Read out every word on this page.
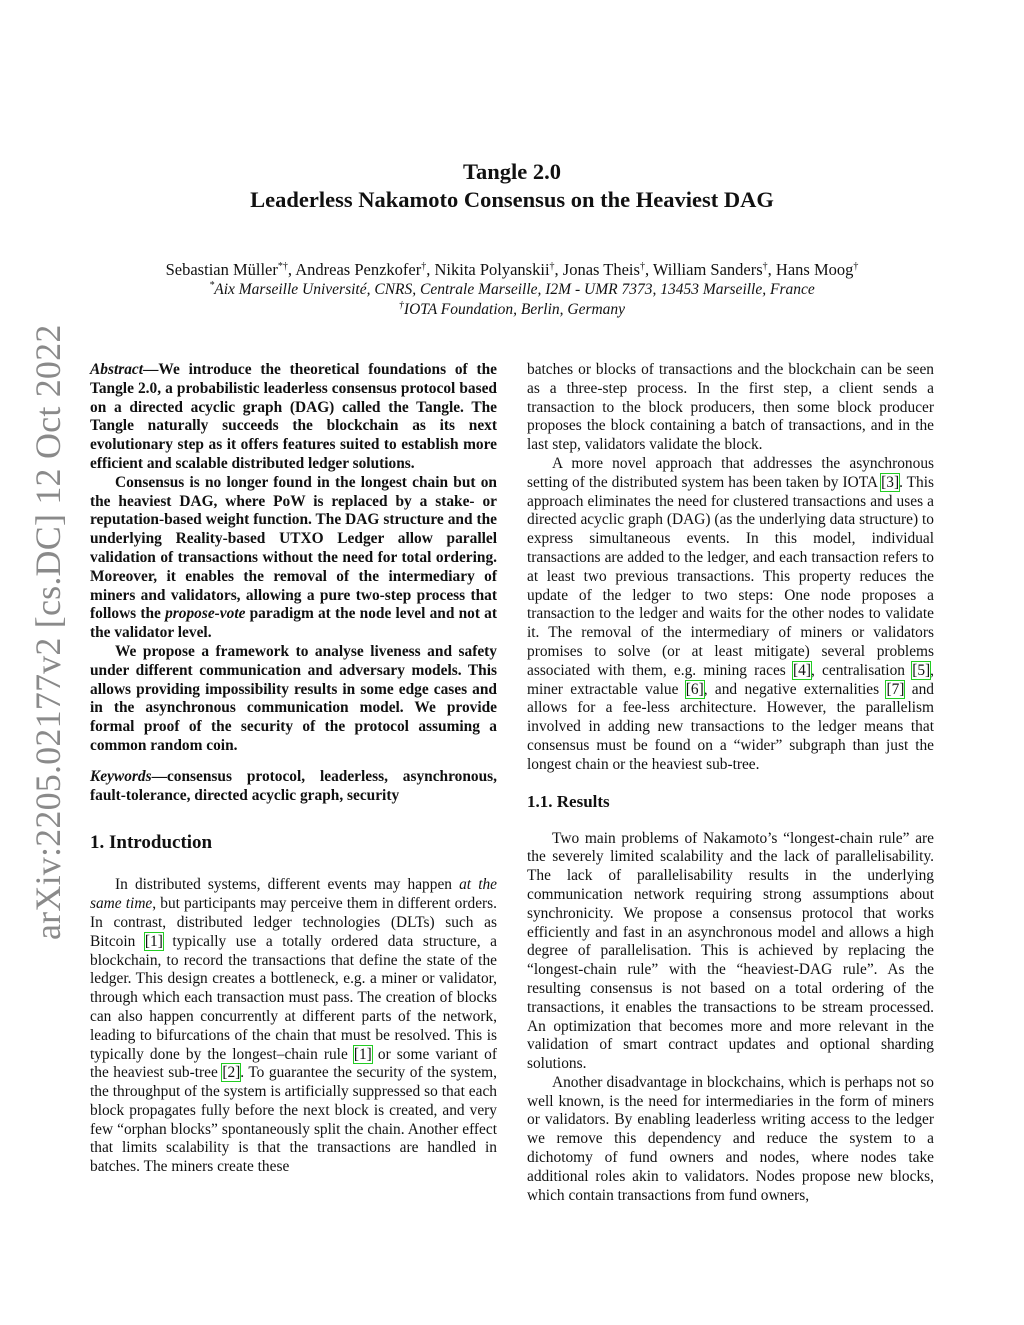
arXiv:2205.02177v2 [cs.DC] 12 Oct 2022
Tangle 2.0
Leaderless Nakamoto Consensus on the Heaviest DAG
Sebastian Müller*†, Andreas Penzkofer†, Nikita Polyanskii†, Jonas Theis†, William Sanders†, Hans Moog†
*Aix Marseille Université, CNRS, Centrale Marseille, I2M - UMR 7373, 13453 Marseille, France
†IOTA Foundation, Berlin, Germany

Abstract—We introduce the theoretical foundations of the Tangle 2.0, a probabilistic leaderless consensus protocol based on a directed acyclic graph (DAG) called the Tangle. The Tangle naturally succeeds the blockchain as its next evolutionary step as it offers features suited to establish more efficient and scalable distributed ledger solutions.

Consensus is no longer found in the longest chain but on the heaviest DAG, where PoW is replaced by a stake- or reputation-based weight function. The DAG structure and the underlying Reality-based UTXO Ledger allow parallel validation of transactions without the need for total ordering. Moreover, it enables the removal of the intermediary of miners and validators, allowing a pure two-step process that follows the propose-vote paradigm at the node level and not at the validator level.

We propose a framework to analyse liveness and safety under different communication and adversary models. This allows providing impossibility results in some edge cases and in the asynchronous communication model. We provide formal proof of the security of the protocol assuming a common random coin.

Keywords—consensus protocol, leaderless, asynchronous, fault-tolerance, directed acyclic graph, security

1. Introduction

In distributed systems, different events may happen at the same time, but participants may perceive them in different orders. In contrast, distributed ledger technologies (DLTs) such as Bitcoin [1] typically use a totally ordered data structure, a blockchain, to record the transactions that define the state of the ledger. This design creates a bottleneck, e.g. a miner or validator, through which each transaction must pass. The creation of blocks can also happen concurrently at different parts of the network, leading to bifurcations of the chain that must be resolved. This is typically done by the longest–chain rule [1] or some variant of the heaviest sub-tree [2]. To guarantee the security of the system, the throughput of the system is artificially suppressed so that each block propagates fully before the next block is created, and very few “orphan blocks” spontaneously split the chain. Another effect that limits scalability is that the transactions are handled in batches. The miners create these

batches or blocks of transactions and the blockchain can be seen as a three-step process. In the first step, a client sends a transaction to the block producers, then some block producer proposes the block containing a batch of transactions, and in the last step, validators validate the block.

A more novel approach that addresses the asynchronous setting of the distributed system has been taken by IOTA [3]. This approach eliminates the need for clustered transactions and uses a directed acyclic graph (DAG) (as the underlying data structure) to express simultaneous events. In this model, individual transactions are added to the ledger, and each transaction refers to at least two previous transactions. This property reduces the update of the ledger to two steps: One node proposes a transaction to the ledger and waits for the other nodes to validate it. The removal of the intermediary of miners or validators promises to solve (or at least mitigate) several problems associated with them, e.g. mining races [4], centralisation [5], miner extractable value [6], and negative externalities [7] and allows for a fee-less architecture. However, the parallelism involved in adding new transactions to the ledger means that consensus must be found on a “wider” subgraph than just the longest chain or the heaviest sub-tree.

1.1. Results

Two main problems of Nakamoto’s “longest-chain rule” are the severely limited scalability and the lack of parallelisability. The lack of parallelisability results in the underlying communication network requiring strong assumptions about synchronicity. We propose a consensus protocol that works efficiently and fast in an asynchronous model and allows a high degree of parallelisation. This is achieved by replacing the “longest-chain rule” with the “heaviest-DAG rule”. As the resulting consensus is not based on a total ordering of the transactions, it enables the transactions to be stream processed. An optimization that becomes more and more relevant in the validation of smart contract updates and optional sharding solutions.

Another disadvantage in blockchains, which is perhaps not so well known, is the need for intermediaries in the form of miners or validators. By enabling leaderless writing access to the ledger we remove this dependency and reduce the system to a dichotomy of fund owners and nodes, where nodes take additional roles akin to validators. Nodes propose new blocks, which contain transactions from fund owners,
